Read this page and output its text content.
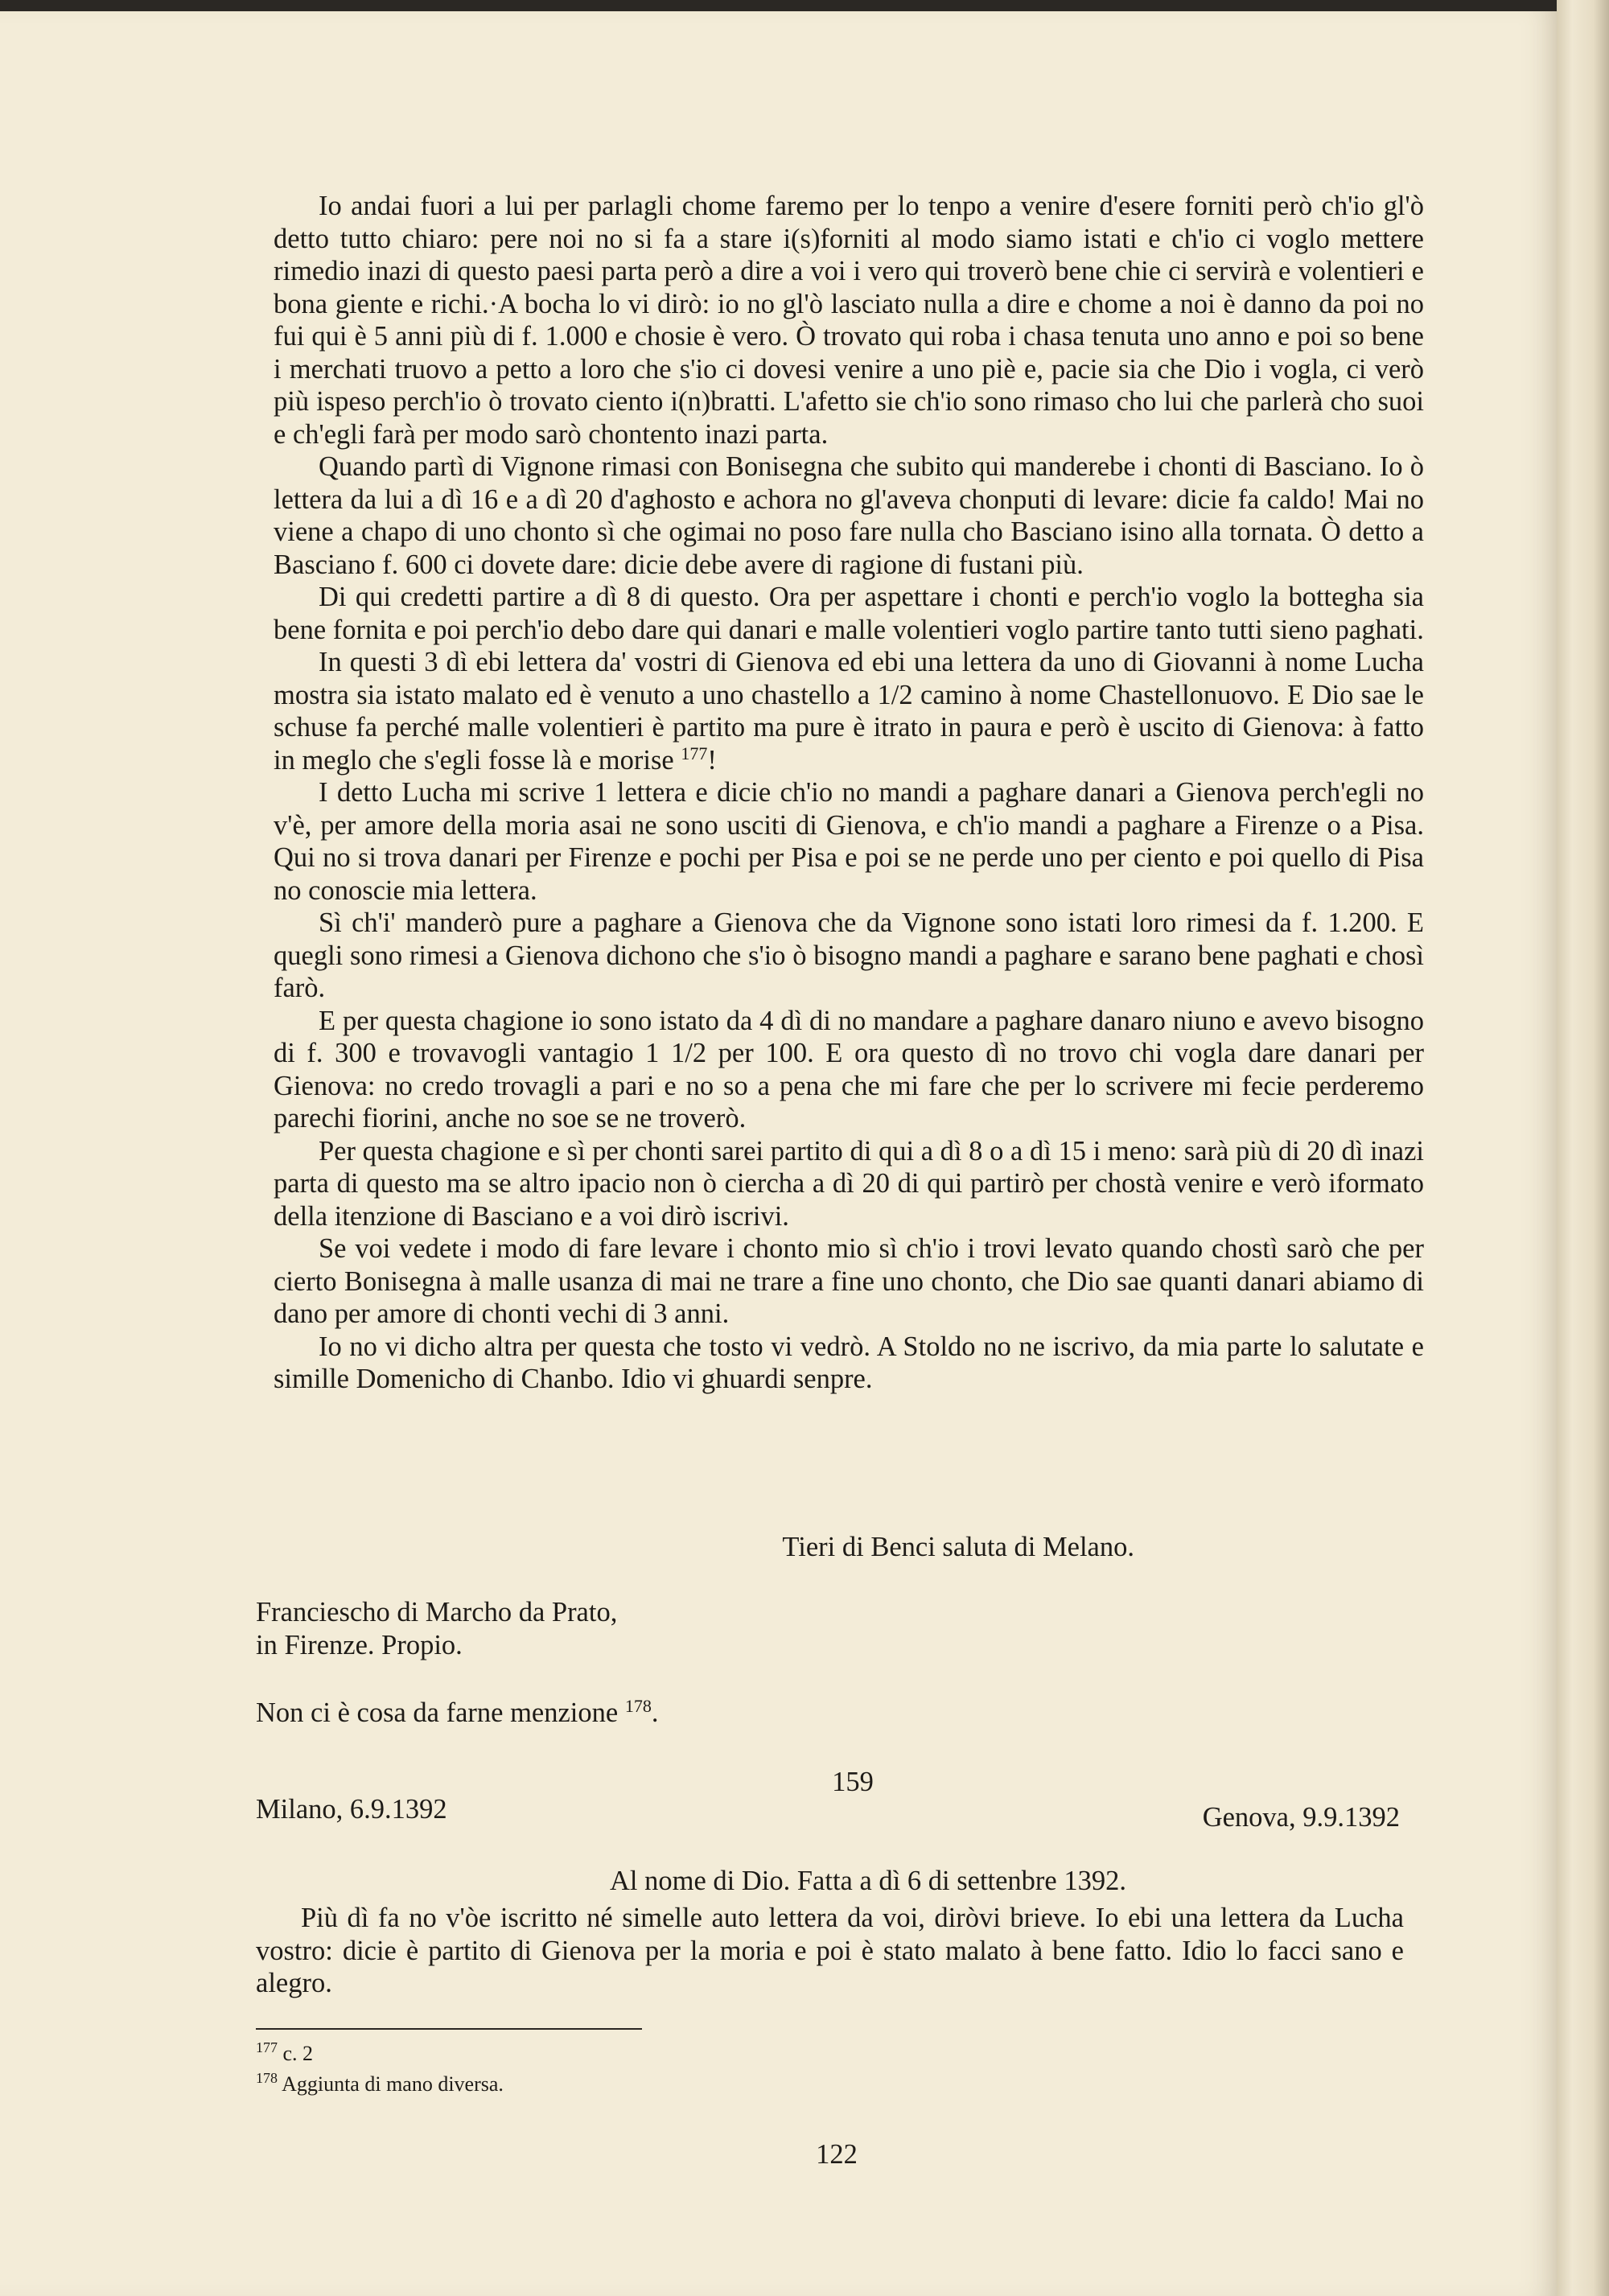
Io andai fuori a lui per parlagli chome faremo per lo tenpo a venire d'esere forniti però ch'io gl'ò detto tutto chiaro: pere noi no si fa a stare i(s)forniti al modo siamo istati e ch'io ci voglo mettere rimedio inazi di questo paesi parta però a dire a voi i vero qui troverò bene chie ci servirà e volentieri e bona giente e richi.·A bocha lo vi dirò: io no gl'ò lasciato nulla a dire e chome a noi è danno da poi no fui qui è 5 anni più di f. 1.000 e chosie è vero. Ò trovato qui roba i chasa tenuta uno anno e poi so bene i merchati truovo a petto a loro che s'io ci dovesi venire a uno piè e, pacie sia che Dio i vogla, ci verò più ispeso perch'io ò trovato ciento i(n)bratti. L'afetto sie ch'io sono rimaso cho lui che parlerà cho suoi e ch'egli farà per modo sarò chontento inazi parta.

Quando partì di Vignone rimasi con Bonisegna che subito qui manderebe i chonti di Basciano. Io ò lettera da lui a dì 16 e a dì 20 d'aghosto e achora no gl'aveva chonputi di levare: dicie fa caldo! Mai no viene a chapo di uno chonto sì che ogimai no poso fare nulla cho Basciano isino alla tornata. Ò detto a Basciano f. 600 ci dovete dare: dicie debe avere di ragione di fustani più.

Di qui credetti partire a dì 8 di questo. Ora per aspettare i chonti e perch'io voglo la bottegha sia bene fornita e poi perch'io debo dare qui danari e malle volentieri voglo partire tanto tutti sieno paghati.

In questi 3 dì ebi lettera da' vostri di Gienova ed ebi una lettera da uno di Giovanni à nome Lucha mostra sia istato malato ed è venuto a uno chastello a 1/2 camino à nome Chastellonuovo. E Dio sae le schuse fa perché malle volentieri è partito ma pure è itrato in paura e però è uscito di Gienova: à fatto in meglo che s'egli fosse là e morise $^{177}$!

I detto Lucha mi scrive 1 lettera e dicie ch'io no mandi a paghare danari a Gienova perch'egli no v'è, per amore della moria asai ne sono usciti di Gienova, e ch'io mandi a paghare a Firenze o a Pisa. Qui no si trova danari per Firenze e pochi per Pisa e poi se ne perde uno per ciento e poi quello di Pisa no conoscie mia lettera.

Sì ch'i' manderò pure a paghare a Gienova che da Vignone sono istati loro rimesi da f. 1.200. E quegli sono rimesi a Gienova dichono che s'io ò bisogno mandi a paghare e sarano bene paghati e chosì farò.

E per questa chagione io sono istato da 4 dì di no mandare a paghare danaro niuno e avevo bisogno di f. 300 e trovavogli vantagio 1 1/2 per 100. E ora questo dì no trovo chi vogla dare danari per Gienova: no credo trovagli a pari e no so a pena che mi fare che per lo scrivere mi fecie perderemo parechi fiorini, anche no soe se ne troverò.

Per questa chagione e sì per chonti sarei partito di qui a dì 8 o a dì 15 i meno: sarà più di 20 dì inazi parta di questo ma se altro ipacio non ò ciercha a dì 20 di qui partirò per chostà venire e verò iformato della itenzione di Basciano e a voi dirò iscrivi.

Se voi vedete i modo di fare levare i chonto mio sì ch'io i trovi levato quando chostì sarò che per cierto Bonisegna à malle usanza di mai ne trare a fine uno chonto, che Dio sae quanti danari abiamo di dano per amore di chonti vechi di 3 anni.

Io no vi dicho altra per questa che tosto vi vedrò. A Stoldo no ne iscrivo, da mia parte lo salutate e simille Domenicho di Chanbo. Idio vi ghuardi senpre.

Tieri di Benci saluta di Melano.
Franciescho di Marcho da Prato,
in Firenze. Propio.
Non ci è cosa da farne menzione $^{178}$.
159
Milano, 6.9.1392	Genova, 9.9.1392
Al nome di Dio. Fatta a dì 6 di settenbre 1392.

Più dì fa no v'òe iscritto né simelle auto lettera da voi, diròvi brieve. Io ebi una lettera da Lucha vostro: dicie è partito di Gienova per la moria e poi è stato malato à bene fatto. Idio lo facci sano e alegro.

$^{177}$ c. 2
$^{178}$ Aggiunta di mano diversa.
122
